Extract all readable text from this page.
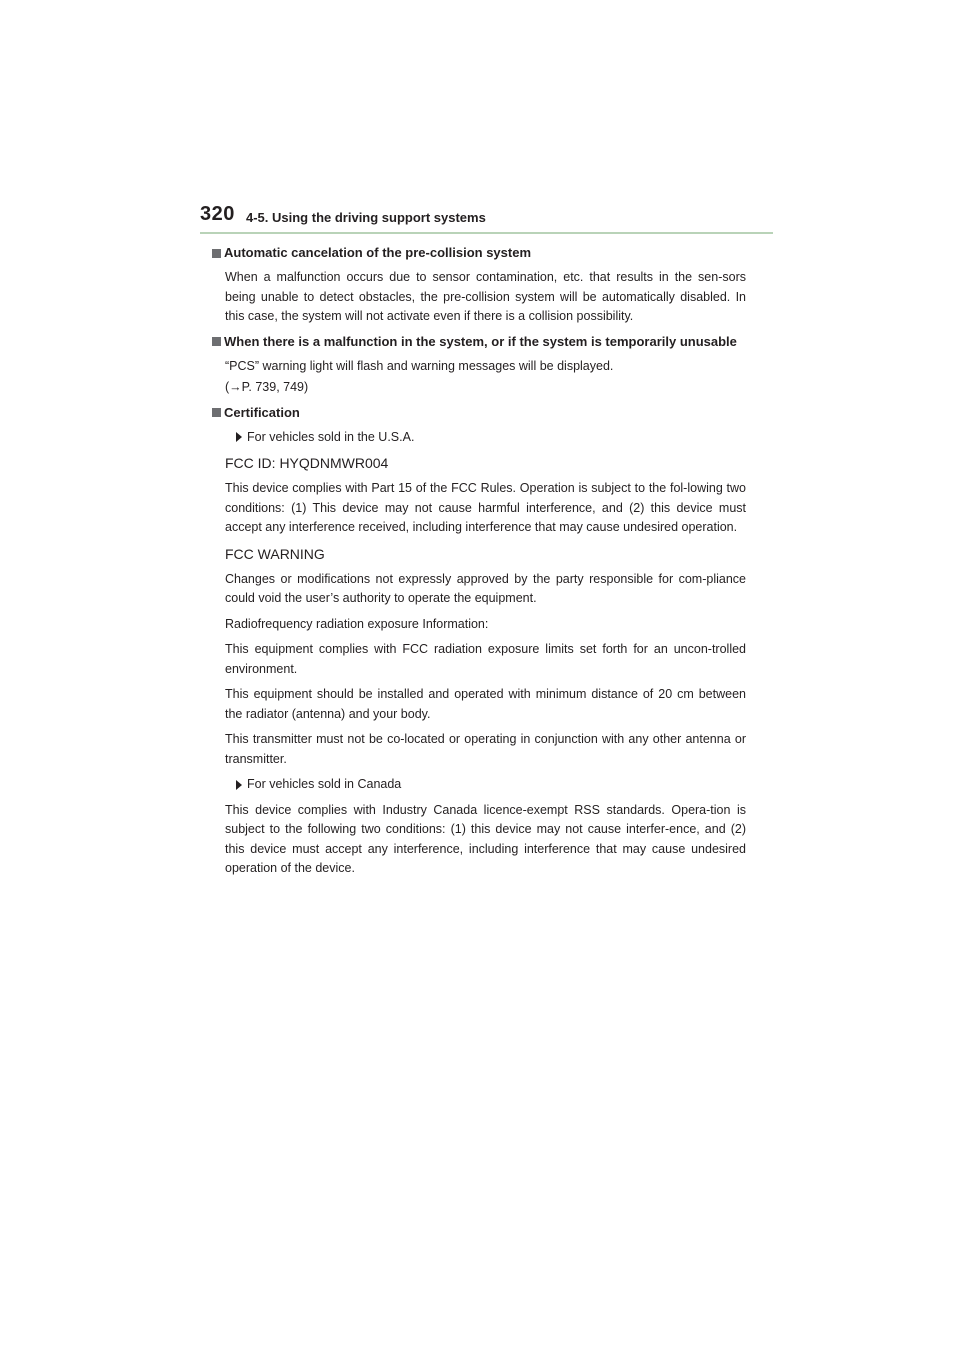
320 4-5. Using the driving support systems
Automatic cancelation of the pre-collision system

When a malfunction occurs due to sensor contamination, etc. that results in the sen-sors being unable to detect obstacles, the pre-collision system will be automatically disabled. In this case, the system will not activate even if there is a collision possibility.

When there is a malfunction in the system, or if the system is temporarily unusable

“PCS” warning light will flash and warning messages will be displayed.

(→P. 739, 749)

Certification
For vehicles sold in the U.S.A.

FCC ID: HYQDNMWR004

This device complies with Part 15 of the FCC Rules. Operation is subject to the fol-lowing two conditions: (1) This device may not cause harmful interference, and (2) this device must accept any interference received, including interference that may cause undesired operation.

FCC WARNING

Changes or modifications not expressly approved by the party responsible for com-pliance could void the user’s authority to operate the equipment.

Radiofrequency radiation exposure Information:

This equipment complies with FCC radiation exposure limits set forth for an uncon-trolled environment.

This equipment should be installed and operated with minimum distance of 20 cm between the radiator (antenna) and your body.

This transmitter must not be co-located or operating in conjunction with any other antenna or transmitter.

For vehicles sold in Canada

This device complies with Industry Canada licence-exempt RSS standards. Opera-tion is subject to the following two conditions: (1) this device may not cause interfer-ence, and (2) this device must accept any interference, including interference that may cause undesired operation of the device.
